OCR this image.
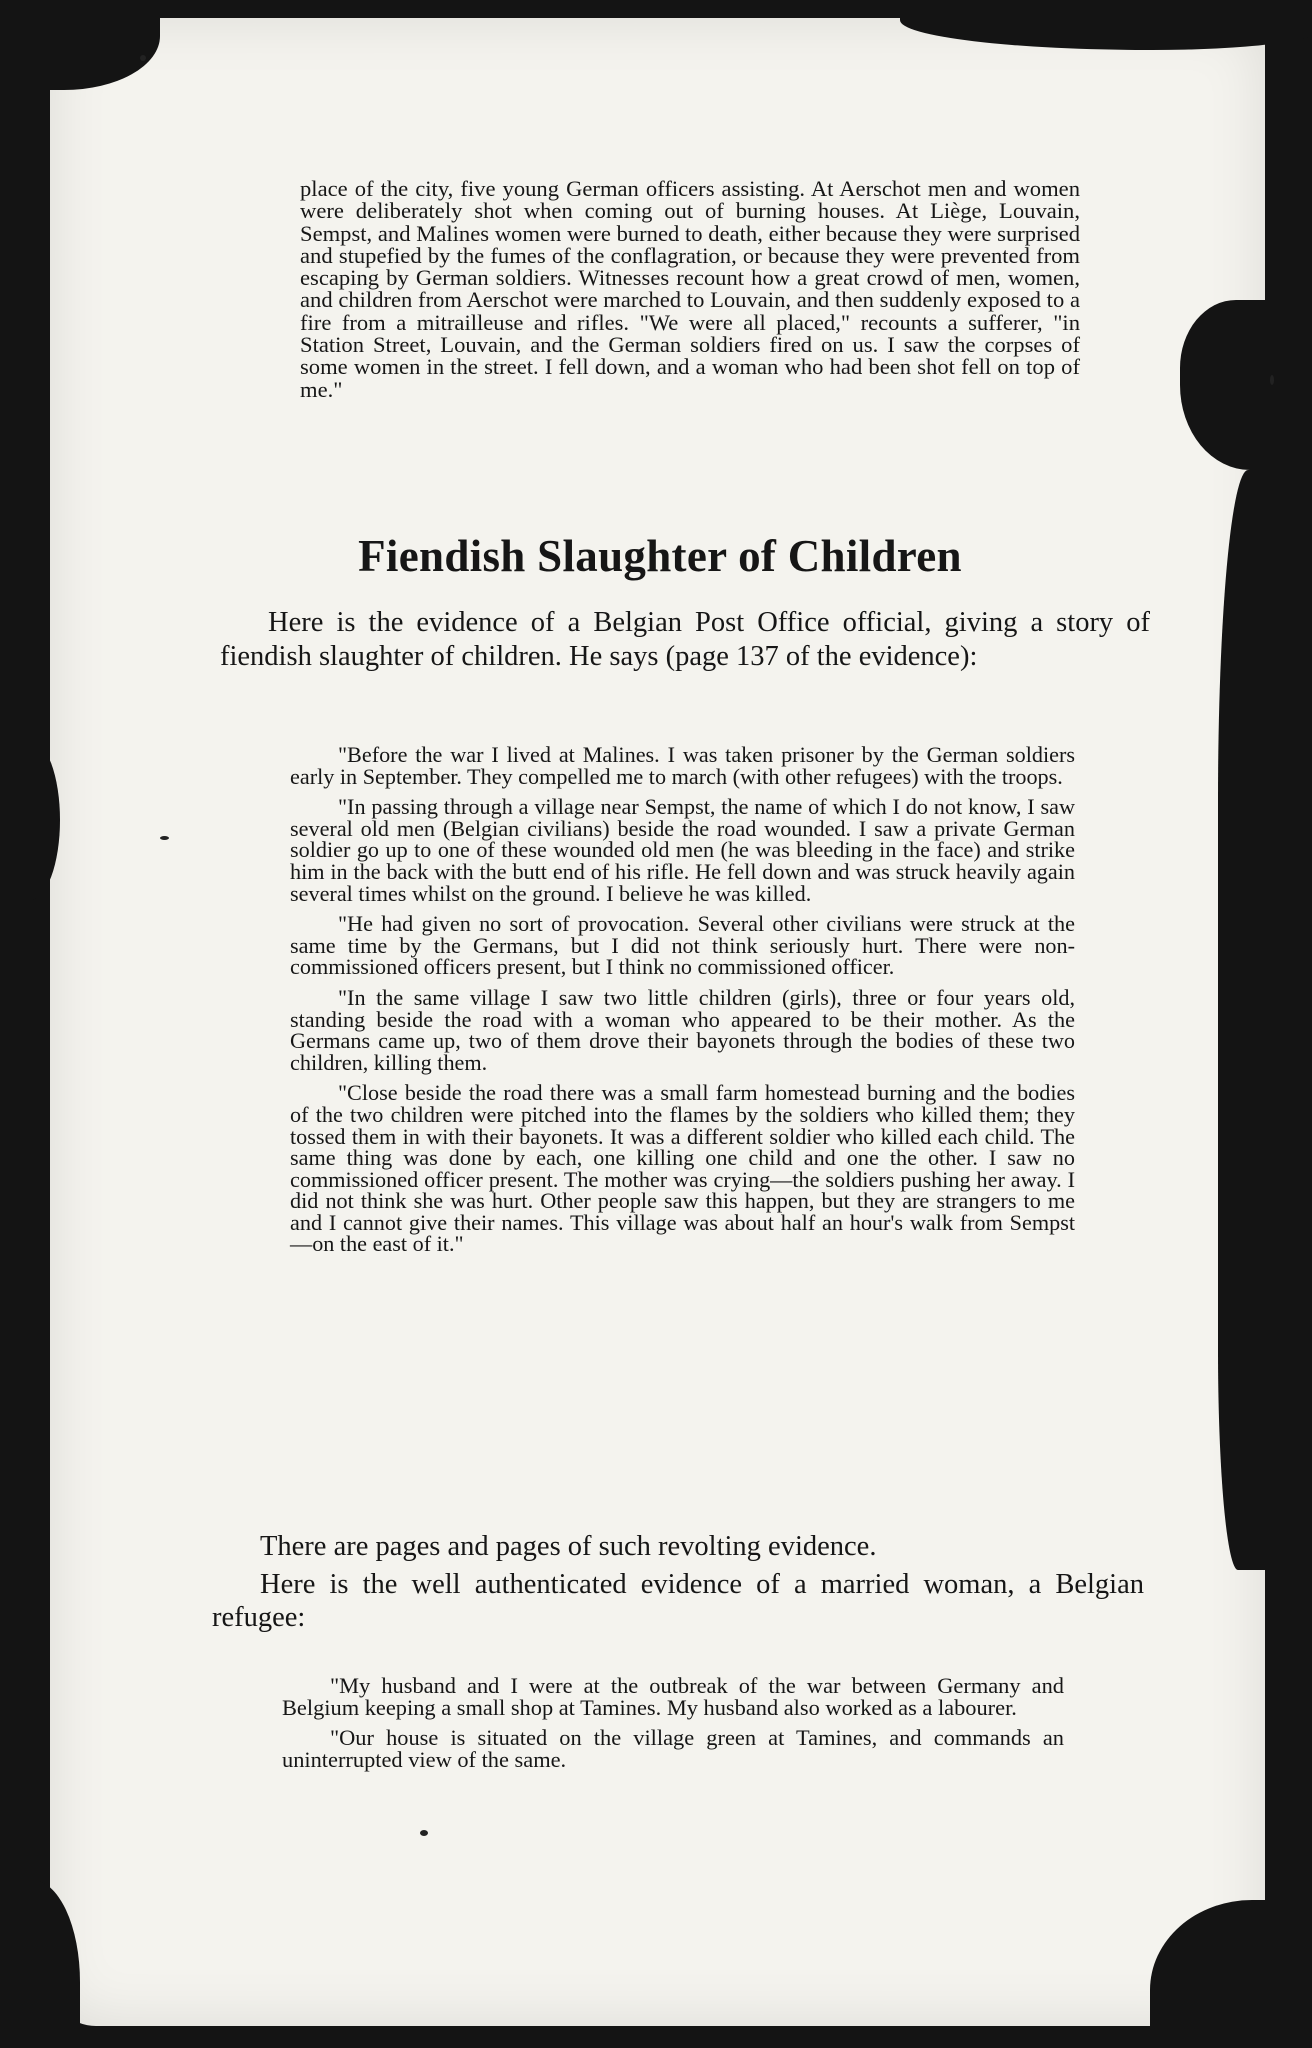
place of the city, five young German officers assisting. At Aerschot men and women were deliberately shot when coming out of burning houses. At Liège, Louvain, Sempst, and Malines women were burned to death, either because they were surprised and stupefied by the fumes of the conflagration, or because they were prevented from escaping by German soldiers. Witnesses recount how a great crowd of men, women, and children from Aerschot were marched to Louvain, and then suddenly exposed to a fire from a mitrailleuse and rifles. "We were all placed," recounts a sufferer, "in Station Street, Louvain, and the German soldiers fired on us. I saw the corpses of some women in the street. I fell down, and a woman who had been shot fell on top of me."

Fiendish Slaughter of Children

Here is the evidence of a Belgian Post Office official, giving a story of fiendish slaughter of children. He says (page 137 of the evidence):

"Before the war I lived at Malines. I was taken prisoner by the German soldiers early in September. They compelled me to march (with other refugees) with the troops.

"In passing through a village near Sempst, the name of which I do not know, I saw several old men (Belgian civilians) beside the road wounded. I saw a private German soldier go up to one of these wounded old men (he was bleeding in the face) and strike him in the back with the butt end of his rifle. He fell down and was struck heavily again several times whilst on the ground. I believe he was killed.

"He had given no sort of provocation. Several other civilians were struck at the same time by the Germans, but I did not think seriously hurt. There were non-commissioned officers present, but I think no commissioned officer.

"In the same village I saw two little children (girls), three or four years old, standing beside the road with a woman who appeared to be their mother. As the Germans came up, two of them drove their bayonets through the bodies of these two children, killing them.

"Close beside the road there was a small farm homestead burning and the bodies of the two children were pitched into the flames by the soldiers who killed them; they tossed them in with their bayonets. It was a different soldier who killed each child. The same thing was done by each, one killing one child and one the other. I saw no commissioned officer present. The mother was crying—the soldiers pushing her away. I did not think she was hurt. Other people saw this happen, but they are strangers to me and I cannot give their names. This village was about half an hour's walk from Sempst—on the east of it."

There are pages and pages of such revolting evidence.

Here is the well authenticated evidence of a married woman, a Belgian refugee:

"My husband and I were at the outbreak of the war between Germany and Belgium keeping a small shop at Tamines. My husband also worked as a labourer.

"Our house is situated on the village green at Tamines, and commands an uninterrupted view of the same.
